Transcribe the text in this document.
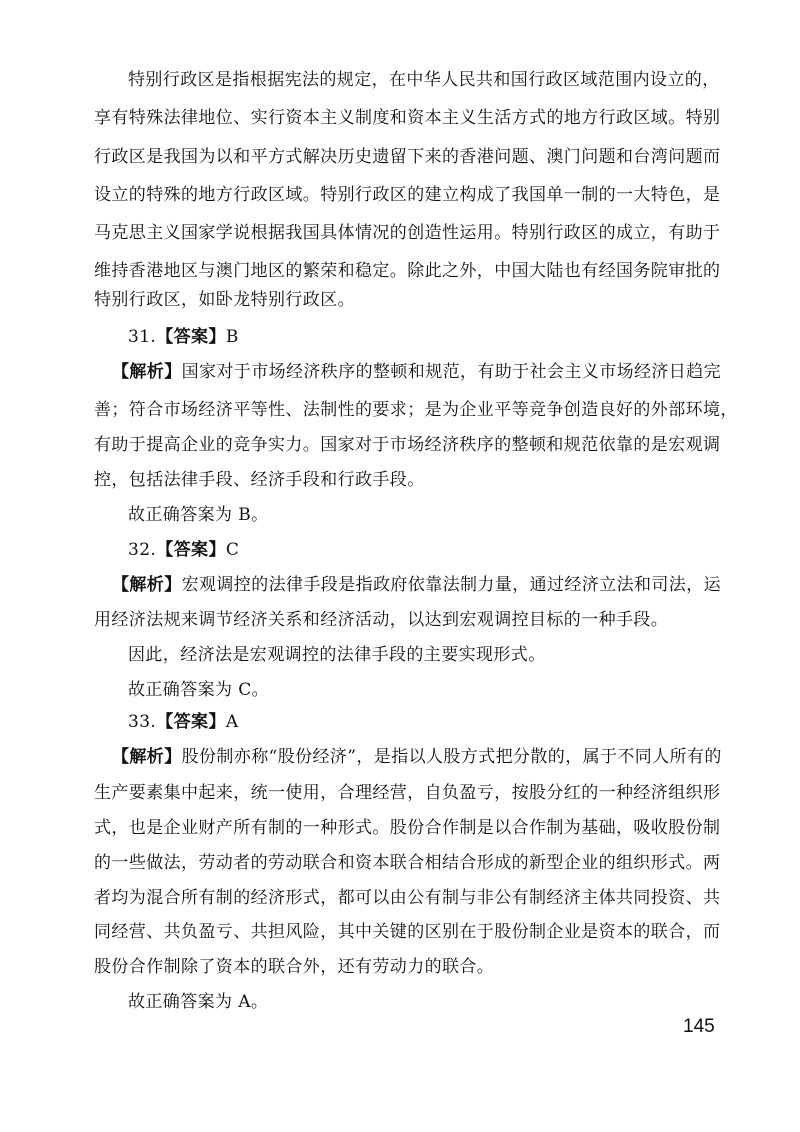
特别行政区是指根据宪法的规定，在中华人民共和国行政区域范围内设立的，
享有特殊法律地位、实行资本主义制度和资本主义生活方式的地方行政区域。特别
行政区是我国为以和平方式解决历史遗留下来的香港问题、澳门问题和台湾问题而
设立的特殊的地方行政区域。特别行政区的建立构成了我国单一制的一大特色，是
马克思主义国家学说根据我国具体情况的创造性运用。特别行政区的成立，有助于
维持香港地区与澳门地区的繁荣和稳定。除此之外，中国大陆也有经国务院审批的
特别行政区，如卧龙特别行政区。
31.【答案】B
【解析】国家对于市场经济秩序的整顿和规范，有助于社会主义市场经济日趋完
善；符合市场经济平等性、法制性的要求；是为企业平等竞争创造良好的外部环境，
有助于提高企业的竞争实力。国家对于市场经济秩序的整顿和规范依靠的是宏观调
控，包括法律手段、经济手段和行政手段。
故正确答案为 B。
32.【答案】C
【解析】宏观调控的法律手段是指政府依靠法制力量，通过经济立法和司法，运
用经济法规来调节经济关系和经济活动，以达到宏观调控目标的一种手段。
因此，经济法是宏观调控的法律手段的主要实现形式。
故正确答案为 C。
33.【答案】A
【解析】股份制亦称“股份经济”，是指以人股方式把分散的，属于不同人所有的
生产要素集中起来，统一使用，合理经营，自负盈亏，按股分红的一种经济组织形
式，也是企业财产所有制的一种形式。股份合作制是以合作制为基础，吸收股份制
的一些做法，劳动者的劳动联合和资本联合相结合形成的新型企业的组织形式。两
者均为混合所有制的经济形式，都可以由公有制与非公有制经济主体共同投资、共
同经营、共负盈亏、共担风险，其中关键的区别在于股份制企业是资本的联合，而
股份合作制除了资本的联合外，还有劳动力的联合。
故正确答案为 A。
145
